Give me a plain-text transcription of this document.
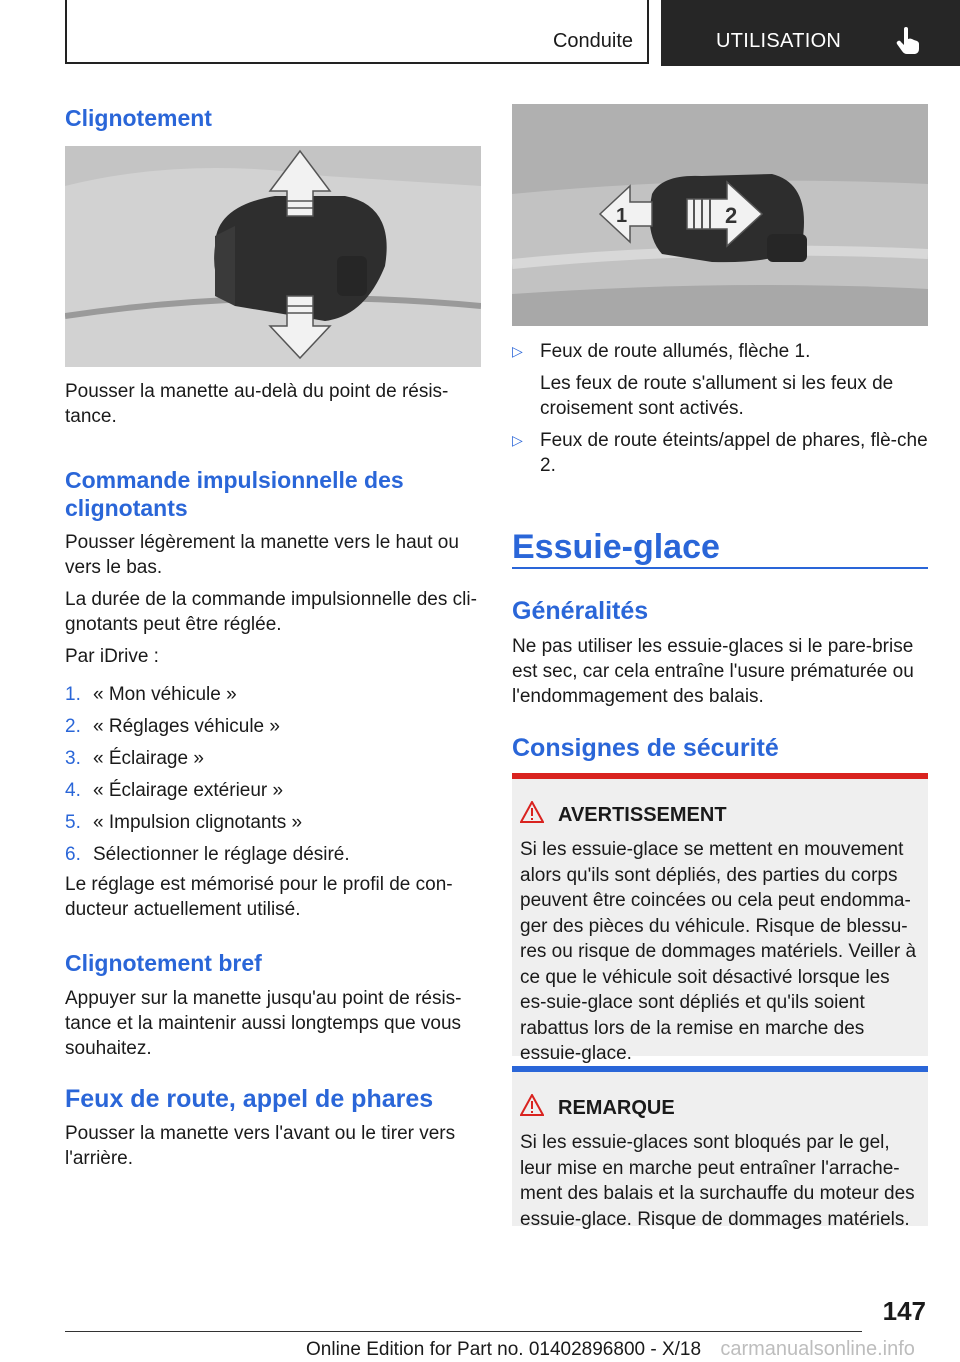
Conduite	UTILISATION
Clignotement
Pousser la manette au-delà du point de résis-tance.
Commande impulsionnelle des clignotants
Pousser légèrement la manette vers le haut ou vers le bas.
La durée de la commande impulsionnelle des cli-gnotants peut être réglée.
Par iDrive :
1. « Mon véhicule »
2. « Réglages véhicule »
3. « Éclairage »
4. « Éclairage extérieur »
5. « Impulsion clignotants »
6. Sélectionner le réglage désiré.
Le réglage est mémorisé pour le profil de con-ducteur actuellement utilisé.
Clignotement bref
Appuyer sur la manette jusqu'au point de résis-tance et la maintenir aussi longtemps que vous souhaitez.
Feux de route, appel de phares
Pousser la manette vers l'avant ou le tirer vers l'arrière.
1	2
▷ Feux de route allumés, flèche 1.
Les feux de route s'allument si les feux de croisement sont activés.
▷ Feux de route éteints/appel de phares, flè-che 2.
Essuie-glace
Généralités
Ne pas utiliser les essuie-glaces si le pare-brise est sec, car cela entraîne l'usure prématurée ou l'endommagement des balais.
Consignes de sécurité
AVERTISSEMENT
Si les essuie-glace se mettent en mouvement alors qu'ils sont dépliés, des parties du corps peuvent être coincées ou cela peut endomma-ger des pièces du véhicule. Risque de blessu-res ou risque de dommages matériels. Veiller à ce que le véhicule soit désactivé lorsque les es-suie-glace sont dépliés et qu'ils soient rabattus lors de la remise en marche des essuie-glace.
REMARQUE
Si les essuie-glaces sont bloqués par le gel, leur mise en marche peut entraîner l'arrache-ment des balais et la surchauffe du moteur des essuie-glace. Risque de dommages matériels.
147
Online Edition for Part no. 01402896800 - X/18 carmanualsonline.info
